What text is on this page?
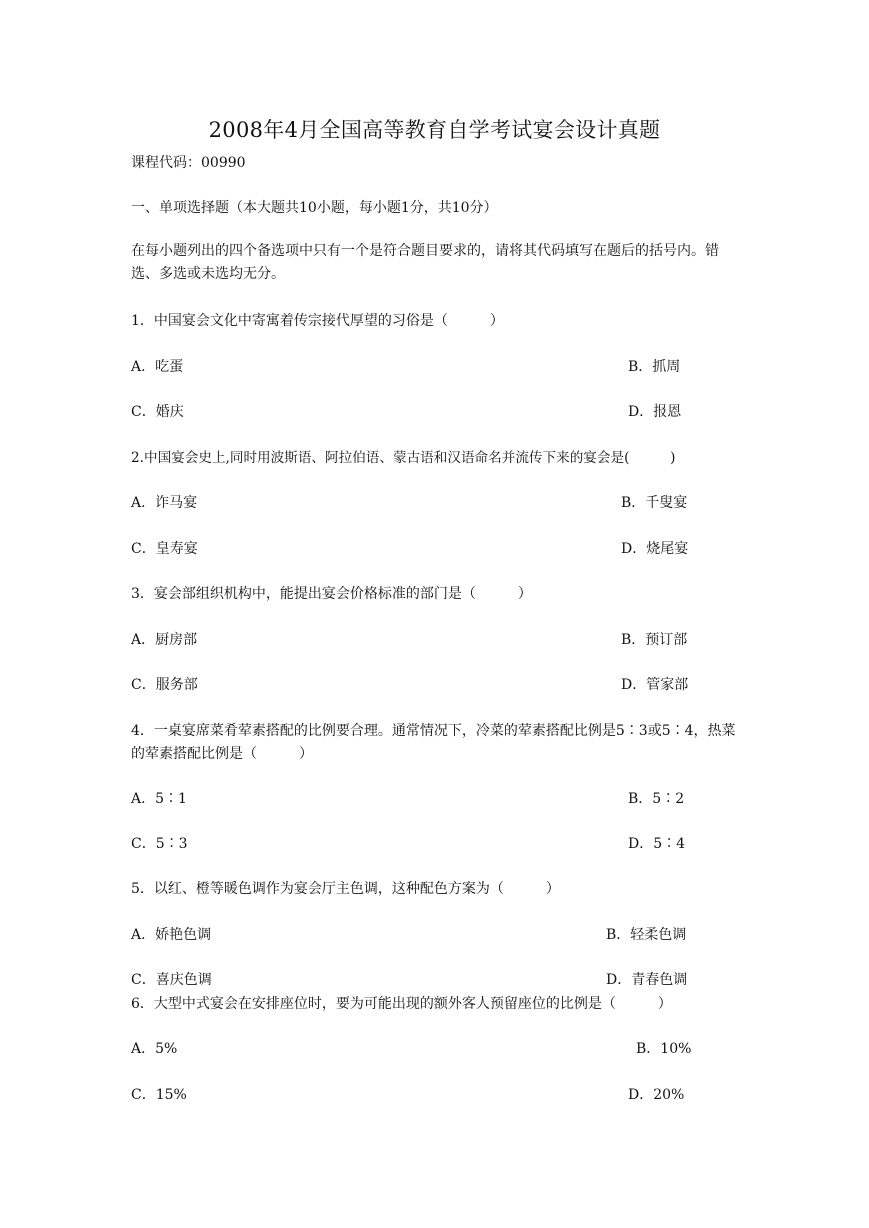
2008年4月全国高等教育自学考试宴会设计真题
课程代码：00990
一、单项选择题（本大题共10小题，每小题1分，共10分）
在每小题列出的四个备选项中只有一个是符合题目要求的，请将其代码填写在题后的括号内。错选、多选或未选均无分。
1．中国宴会文化中寄寓着传宗接代厚望的习俗是（　　　）
A．吃蛋	B．抓周
C．婚庆	D．报恩
2.中国宴会史上,同时用波斯语、阿拉伯语、蒙古语和汉语命名并流传下来的宴会是(　　　)
A．诈马宴	B．千叟宴
C．皇寿宴	D．烧尾宴
3．宴会部组织机构中，能提出宴会价格标准的部门是（　　　）
A．厨房部	B．预订部
C．服务部	D．管家部
4．一桌宴席菜肴荤素搭配的比例要合理。通常情况下，冷菜的荤素搭配比例是5∶3或5∶4，热菜的荤素搭配比例是（　　　）
A．5∶1	B．5∶2
C．5∶3	D．5∶4
5．以红、橙等暖色调作为宴会厅主色调，这种配色方案为（　　　）
A．娇艳色调	B．轻柔色调
C．喜庆色调	D．青春色调
6．大型中式宴会在安排座位时，要为可能出现的额外客人预留座位的比例是（　　　）
A．5%	B．10%
C．15%	D．20%
